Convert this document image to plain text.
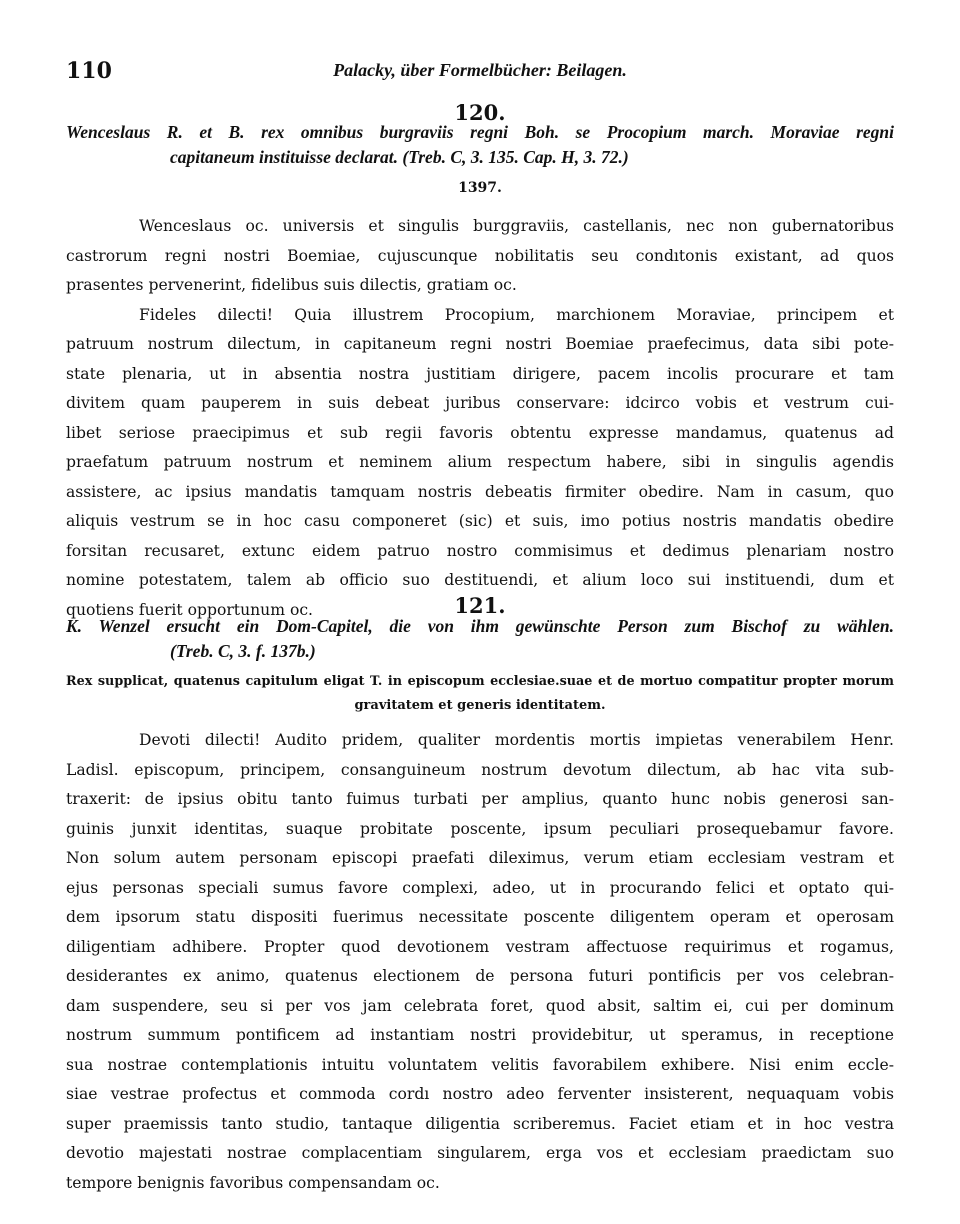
110	Palacky, über Formelbücher: Beilagen.
120.
Wenceslaus R. et B. rex omnibus burgraviis regni Boh. se Procopium march. Moraviae regni
capitaneum instituisse declarat. (Treb. C, 3. 135. Cap. H, 3. 72.)
1397.
Wenceslaus oc. universis et singulis burggraviis, castellanis, nec non gubernatoribus
castrorum regni nostri Boemiae, cujuscunque nobilitatis seu condıtonis existant, ad quos
prasentes pervenerint, fidelibus suis dilectis, gratiam oc.
Fideles dilecti! Quia illustrem Procopium, marchionem Moraviae, principem et
patruum nostrum dilectum, in capitaneum regni nostri Boemiae praefecimus, data sibi pote-
state plenaria, ut in absentia nostra justitiam dirigere, pacem incolis procurare et tam
divitem quam pauperem in suis debeat juribus conservare: idcirco vobis et vestrum cui-
libet seriose praecipimus et sub regii favoris obtentu expresse mandamus, quatenus ad
praefatum patruum nostrum et neminem alium respectum habere, sibi in singulis agendis
assistere, ac ipsius mandatis tamquam nostris debeatis firmiter obedire. Nam in casum, quo
aliquis vestrum se in hoc casu componeret (sic) et suis, imo potius nostris mandatis obedire
forsitan recusaret, extunc eidem patruo nostro commisimus et dedimus plenariam nostro
nomine potestatem, talem ab officio suo destituendi, et alium loco sui instituendi, dum et
quotiens fuerit opportunum oc.	121.
K. Wenzel ersucht ein Dom-Capitel, die von ihm gewünschte Person zum Bischof zu wählen.
(Treb. C, 3. f. 137b.)
Rex supplicat, quatenus capitulum eligat T. in episcopum ecclesiae.suae et de mortuo compatitur propter morum
gravitatem et generis identitatem.
Devoti dilecti! Audito pridem, qualiter mordentis mortis impietas venerabilem Henr.
Ladisl. episcopum, principem, consanguineum nostrum devotum dilectum, ab hac vita sub-
traxerit: de ipsius obitu tanto fuimus turbati per amplius, quanto hunc nobis generosi san-
guinis junxit identitas, suaque probitate poscente, ipsum peculiari prosequebamur favore.
Non solum autem personam episcopi praefati dileximus, verum etiam ecclesiam vestram et
ejus personas speciali sumus favore complexi, adeo, ut in procurando felici et optato qui-
dem ipsorum statu dispositi fuerimus necessitate poscente diligentem operam et operosam
diligentiam adhibere. Propter quod devotionem vestram affectuose requirimus et rogamus,
desiderantes ex animo, quatenus electionem de persona futuri pontificis per vos celebran-
dam suspendere, seu si per vos jam celebrata foret, quod absit, saltim ei, cui per dominum
nostrum summum pontificem ad instantiam nostri providebitur, ut speramus, in receptione
sua nostrae contemplationis intuitu voluntatem velitis favorabilem exhibere. Nisi enim eccle-
siae vestrae profectus et commoda cordı nostro adeo ferventer insisterent, nequaquam vobis
super praemissis tanto studio, tantaque diligentia scriberemus. Faciet etiam et in hoc vestra
devotio majestati nostrae complacentiam singularem, erga vos et ecclesiam praedictam suo
tempore benignis favoribus compensandam oc.
